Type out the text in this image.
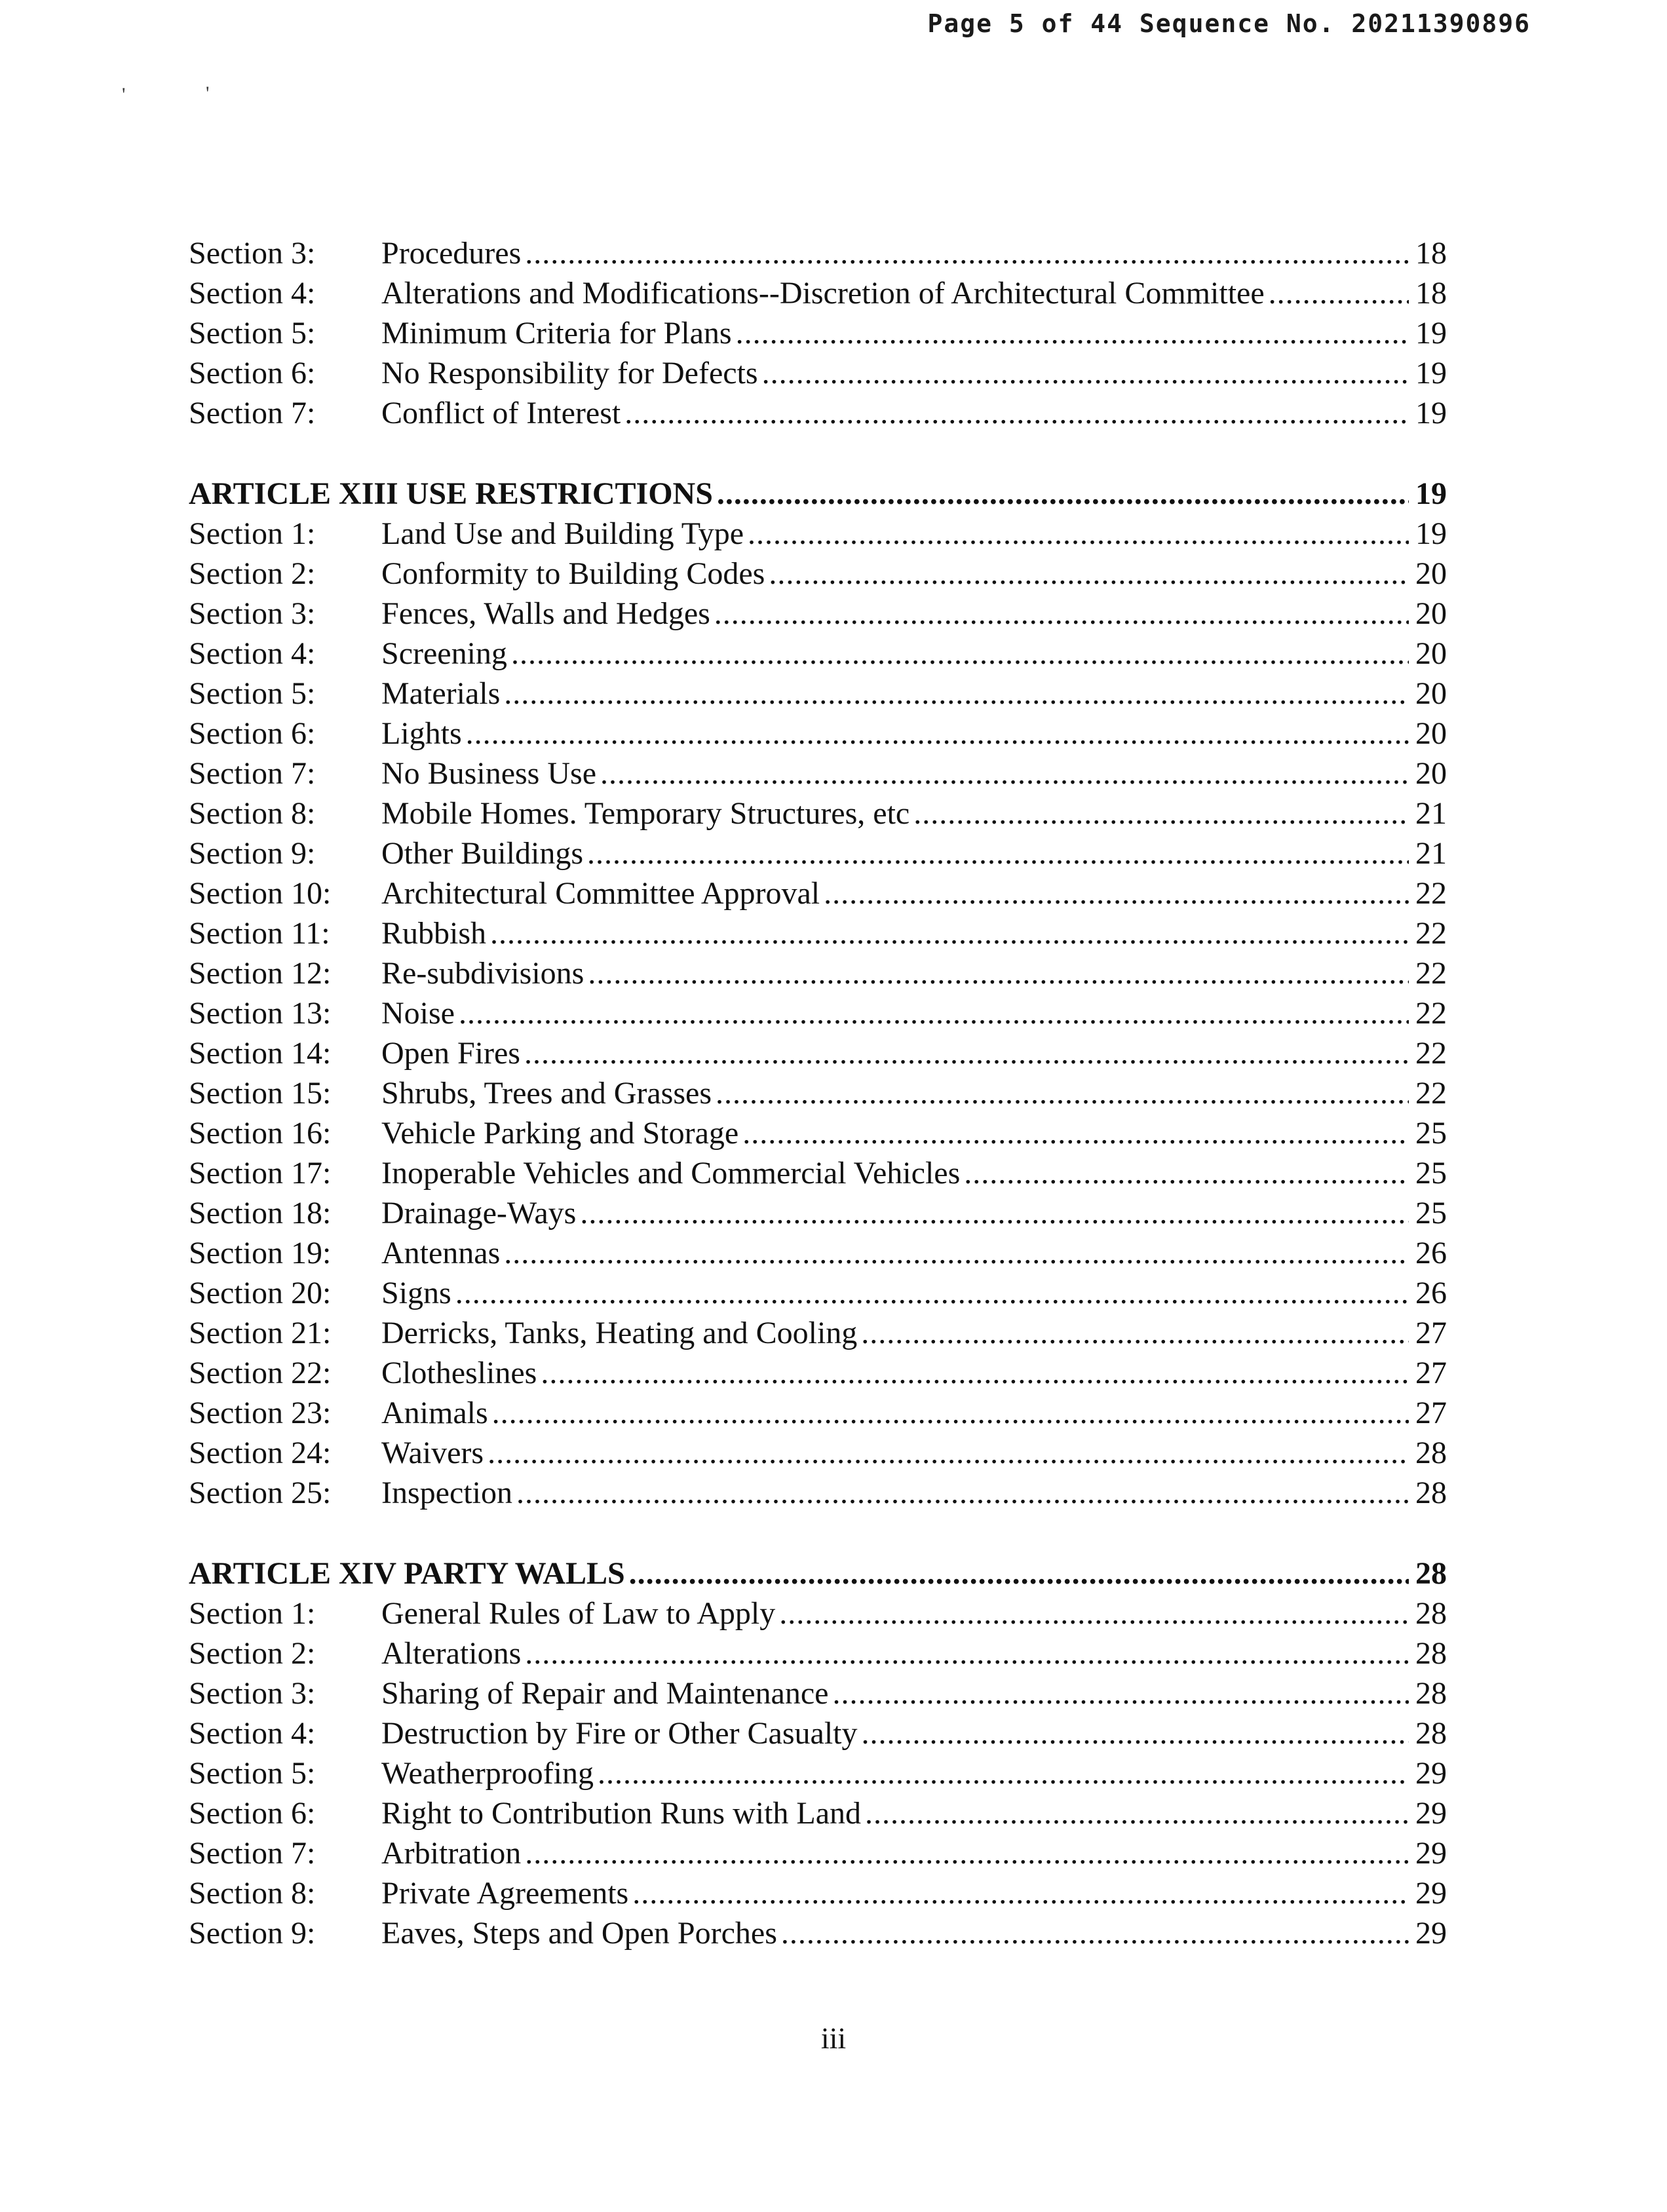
Page 5 of 44 Sequence No. 20211390896
'	'
Section 3:	Procedures .....	18
Section 4:	Alterations and Modifications--Discretion of Architectural Committee .....	18
Section 5:	Minimum Criteria for Plans .....	19
Section 6:	No Responsibility for Defects .....	19
Section 7:	Conflict of Interest .....	19
ARTICLE XIII USE RESTRICTIONS .....	19
Section 1:	Land Use and Building Type .....	19
Section 2:	Conformity to Building Codes .....	20
Section 3:	Fences, Walls and Hedges .....	20
Section 4:	Screening .....	20
Section 5:	Materials .....	20
Section 6:	Lights .....	20
Section 7:	No Business Use .....	20
Section 8:	Mobile Homes. Temporary Structures, etc .....	21
Section 9:	Other Buildings .....	21
Section 10:	Architectural Committee Approval .....	22
Section 11:	Rubbish .....	22
Section 12:	Re-subdivisions .....	22
Section 13:	Noise .....	22
Section 14:	Open Fires .....	22
Section 15:	Shrubs, Trees and Grasses .....	22
Section 16:	Vehicle Parking and Storage .....	25
Section 17:	Inoperable Vehicles and Commercial Vehicles .....	25
Section 18:	Drainage-Ways .....	25
Section 19:	Antennas .....	26
Section 20:	Signs .....	26
Section 21:	Derricks, Tanks, Heating and Cooling .....	27
Section 22:	Clotheslines .....	27
Section 23:	Animals .....	27
Section 24:	Waivers .....	28
Section 25:	Inspection .....	28
ARTICLE XIV PARTY WALLS .....	28
Section 1:	General Rules of Law to Apply .....	28
Section 2:	Alterations .....	28
Section 3:	Sharing of Repair and Maintenance .....	28
Section 4:	Destruction by Fire or Other Casualty .....	28
Section 5:	Weatherproofing .....	29
Section 6:	Right to Contribution Runs with Land .....	29
Section 7:	Arbitration .....	29
Section 8:	Private Agreements .....	29
Section 9:	Eaves, Steps and Open Porches .....	29
iii
